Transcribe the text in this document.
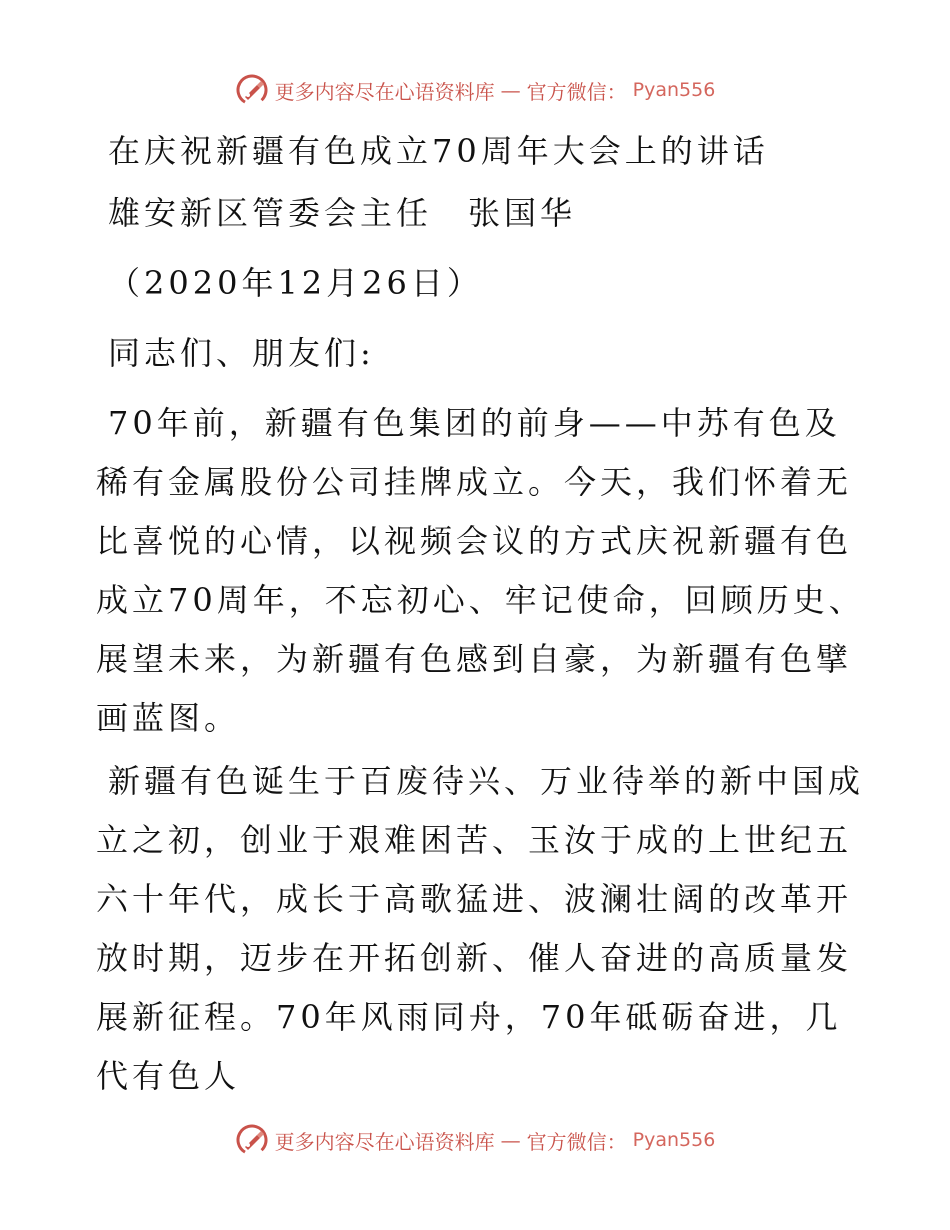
更多内容尽在心语资料库 — 官方微信： Pyan556
在庆祝新疆有色成立70周年大会上的讲话
雄安新区管委会主任　张国华
（2020年12月26日）
同志们、朋友们:
70年前，新疆有色集团的前身——中苏有色及稀有金属股份公司挂牌成立。今天，我们怀着无比喜悦的心情，以视频会议的方式庆祝新疆有色成立70周年，不忘初心、牢记使命，回顾历史、展望未来，为新疆有色感到自豪，为新疆有色擘画蓝图。
新疆有色诞生于百废待兴、万业待举的新中国成立之初，创业于艰难困苦、玉汝于成的上世纪五六十年代，成长于高歌猛进、波澜壮阔的改革开放时期，迈步在开拓创新、催人奋进的高质量发展新征程。70年风雨同舟，70年砥砺奋进，几代有色人
更多内容尽在心语资料库 — 官方微信： Pyan556
